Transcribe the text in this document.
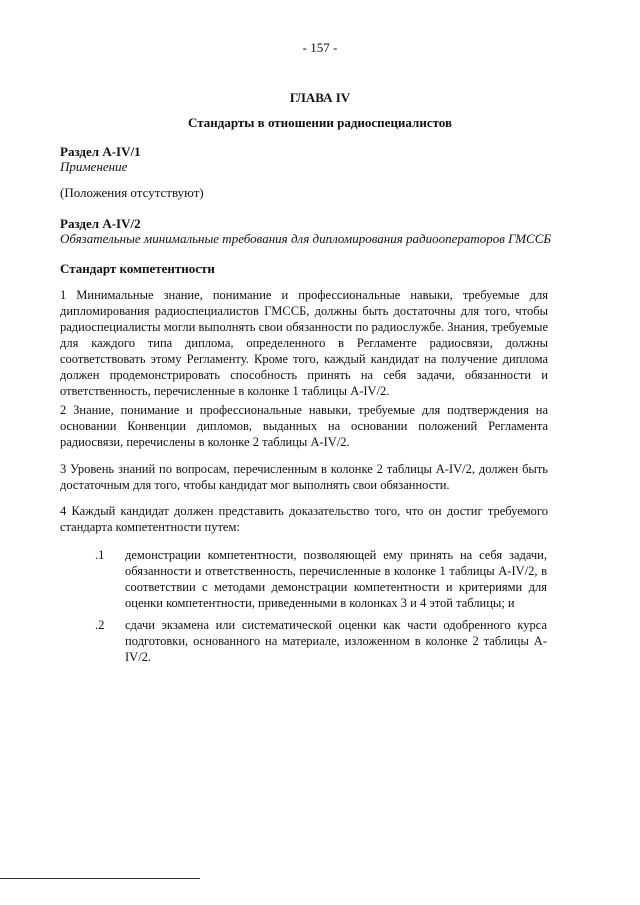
- 157 -
ГЛАВА IV
Стандарты в отношении радиоспециалистов
Раздел А-IV/1
Применение
(Положения отсутствуют)
Раздел А-IV/2
Обязательные минимальные требования для дипломирования радиооператоров ГМССБ
Стандарт компетентности
1 Минимальные знание, понимание и профессиональные навыки, требуемые для дипломирования радиоспециалистов ГМССБ, должны быть достаточны для того, чтобы радиоспециалисты могли выполнять свои обязанности по радиослужбе. Знания, требуемые для каждого типа диплома, определенного в Регламенте радиосвязи, должны соответствовать этому Регламенту. Кроме того, каждый кандидат на получение диплома должен продемонстрировать способность принять на себя задачи, обязанности и ответственность, перечисленные в колонке 1 таблицы А-IV/2.
2 Знание, понимание и профессиональные навыки, требуемые для подтверждения на основании Конвенции дипломов, выданных на основании положений Регламента радиосвязи, перечислены в колонке 2 таблицы А-IV/2.
3 Уровень знаний по вопросам, перечисленным в колонке 2 таблицы А-IV/2, должен быть достаточным для того, чтобы кандидат мог выполнять свои обязанности.
4 Каждый кандидат должен представить доказательство того, что он достиг требуемого стандарта компетентности путем:
.1 демонстрации компетентности, позволяющей ему принять на себя задачи, обязанности и ответственность, перечисленные в колонке 1 таблицы А-IV/2, в соответствии с методами демонстрации компетентности и критериями для оценки компетентности, приведенными в колонках 3 и 4 этой таблицы; и
.2 сдачи экзамена или систематической оценки как части одобренного курса подготовки, основанного на материале, изложенном в колонке 2 таблицы А-IV/2.
